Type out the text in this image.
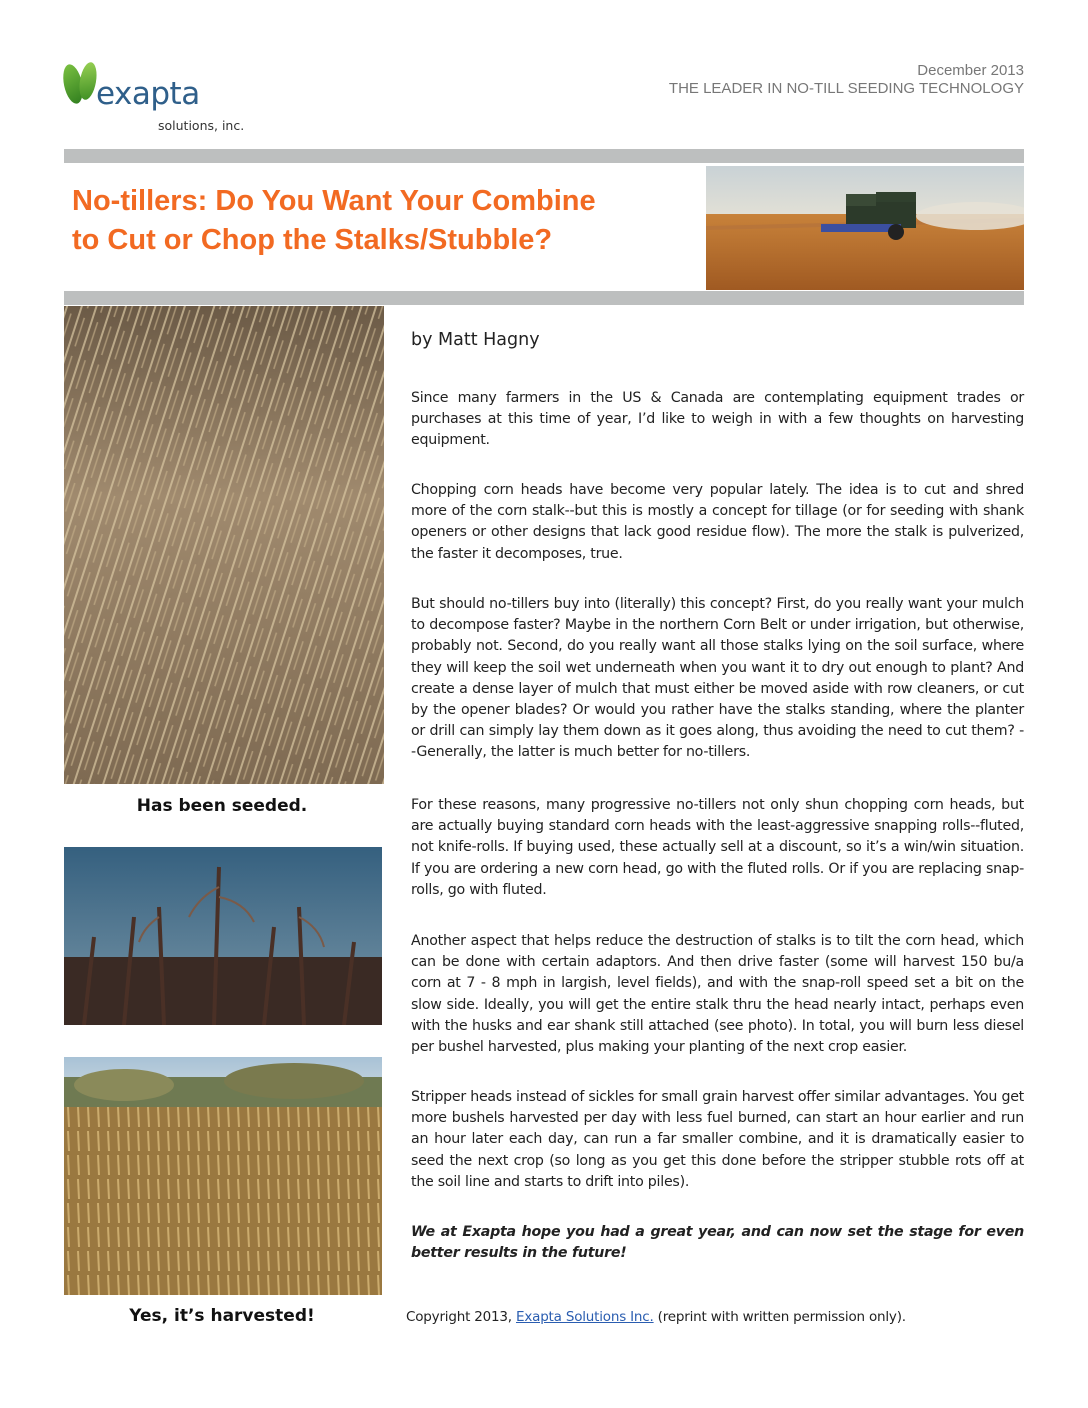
exapta
solutions, inc.
December 2013
THE LEADER IN NO-TILL SEEDING TECHNOLOGY
No-tillers: Do You Want Your Combine
to Cut or Chop the Stalks/Stubble?
Has been seeded.
Yes, it’s harvested!
by Matt Hagny

Since many farmers in the US & Canada are contemplating equipment trades or purchases at this time of year, I’d like to weigh in with a few thoughts on harvesting equipment.

Chopping corn heads have become very popular lately. The idea is to cut and shred more of the corn stalk--but this is mostly a concept for tillage (or for seeding with shank openers or other designs that lack good residue flow). The more the stalk is pulverized, the faster it decomposes, true.

But should no-tillers buy into (literally) this concept? First, do you really want your mulch to decompose faster? Maybe in the northern Corn Belt or under irrigation, but otherwise, probably not. Second, do you really want all those stalks lying on the soil surface, where they will keep the soil wet underneath when you want it to dry out enough to plant? And create a dense layer of mulch that must either be moved aside with row cleaners, or cut by the opener blades? Or would you rather have the stalks standing, where the planter or drill can simply lay them down as it goes along, thus avoiding the need to cut them? --Generally, the latter is much better for no-tillers.

For these reasons, many progressive no-tillers not only shun chopping corn heads, but are actually buying standard corn heads with the least-aggressive snapping rolls--fluted, not knife-rolls. If buying used, these actually sell at a discount, so it’s a win/win situation. If you are ordering a new corn head, go with the fluted rolls. Or if you are replacing snap-rolls, go with fluted.

Another aspect that helps reduce the destruction of stalks is to tilt the corn head, which can be done with certain adaptors. And then drive faster (some will harvest 150 bu/a corn at 7 - 8 mph in largish, level fields), and with the snap-roll speed set a bit on the slow side. Ideally, you will get the entire stalk thru the head nearly intact, perhaps even with the husks and ear shank still attached (see photo). In total, you will burn less diesel per bushel harvested, plus making your planting of the next crop easier.

Stripper heads instead of sickles for small grain harvest offer similar advantages. You get more bushels harvested per day with less fuel burned, can start an hour earlier and run an hour later each day, can run a far smaller combine, and it is dramatically easier to seed the next crop (so long as you get this done before the stripper stubble rots off at the soil line and starts to drift into piles).

We at Exapta hope you had a great year, and can now set the stage for even better results in the future!

Copyright 2013, Exapta Solutions Inc. (reprint with written permission only).
